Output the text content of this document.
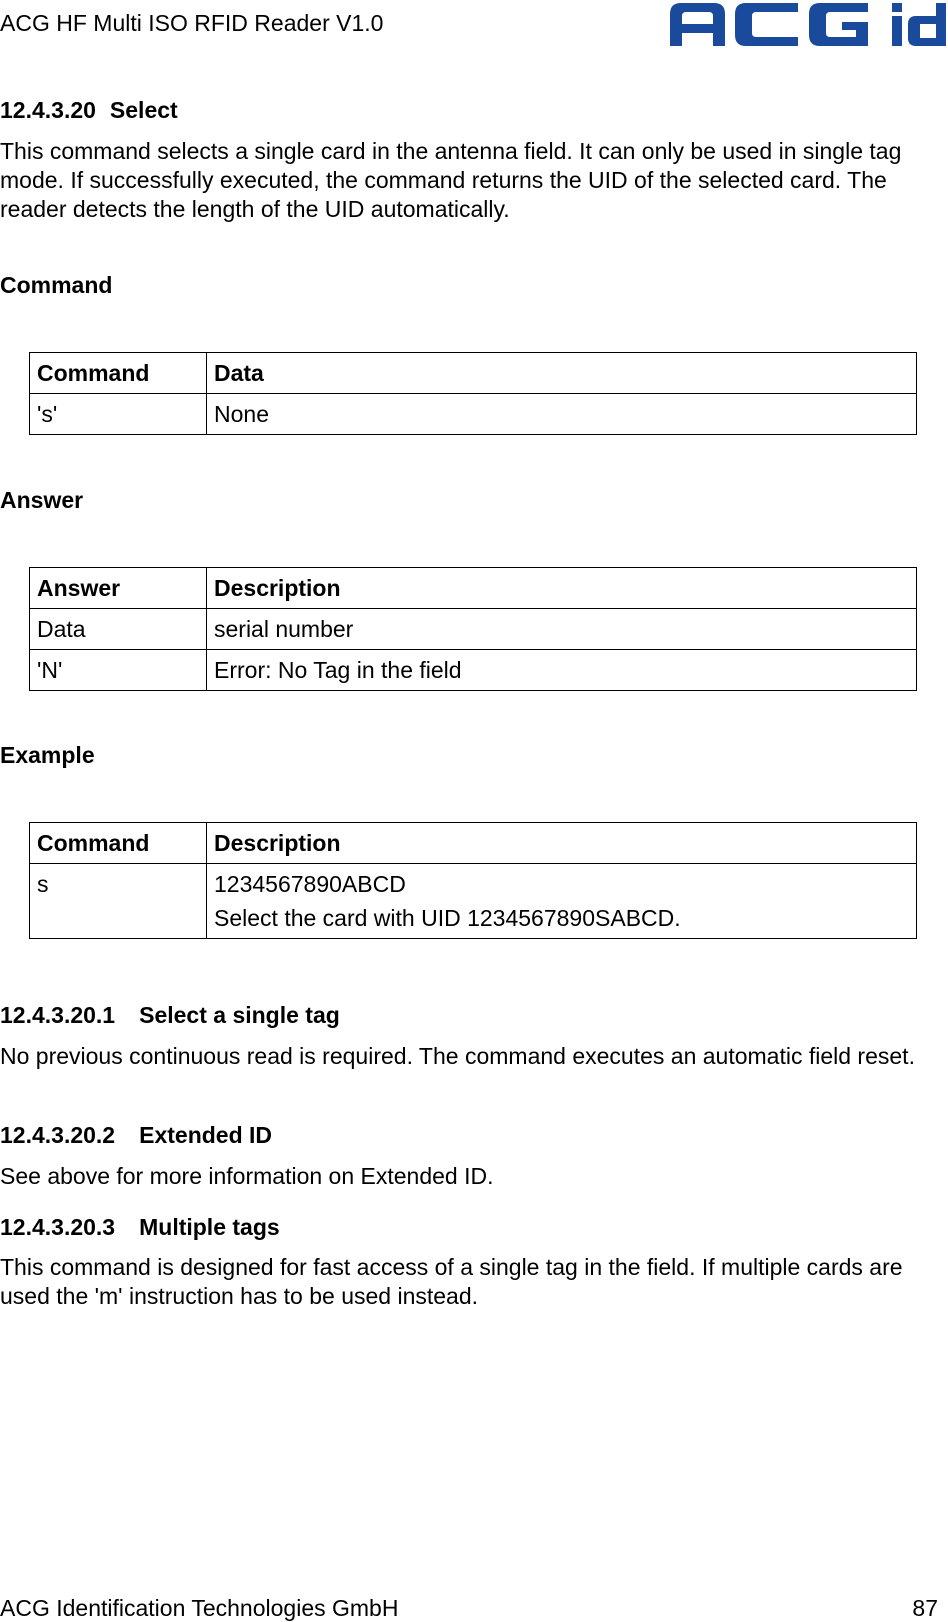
ACG HF Multi ISO RFID Reader V1.0
12.4.3.20 Select

This command selects a single card in the antenna field. It can only be used in single tag mode. If successfully executed, the command returns the UID of the selected card. The reader detects the length of the UID automatically.

Command
Command	Data
's'	None
Answer
Answer	Description
Data	serial number
'N'	Error: No Tag in the field
Example
Command	Description
s	1234567890ABCD
Select the card with UID 1234567890SABCD.
12.4.3.20.1 Select a single tag

No previous continuous read is required. The command executes an automatic field reset.

12.4.3.20.2 Extended ID

See above for more information on Extended ID.

12.4.3.20.3 Multiple tags

This command is designed for fast access of a single tag in the field. If multiple cards are used the 'm' instruction has to be used instead.

ACG Identification Technologies GmbH	87
